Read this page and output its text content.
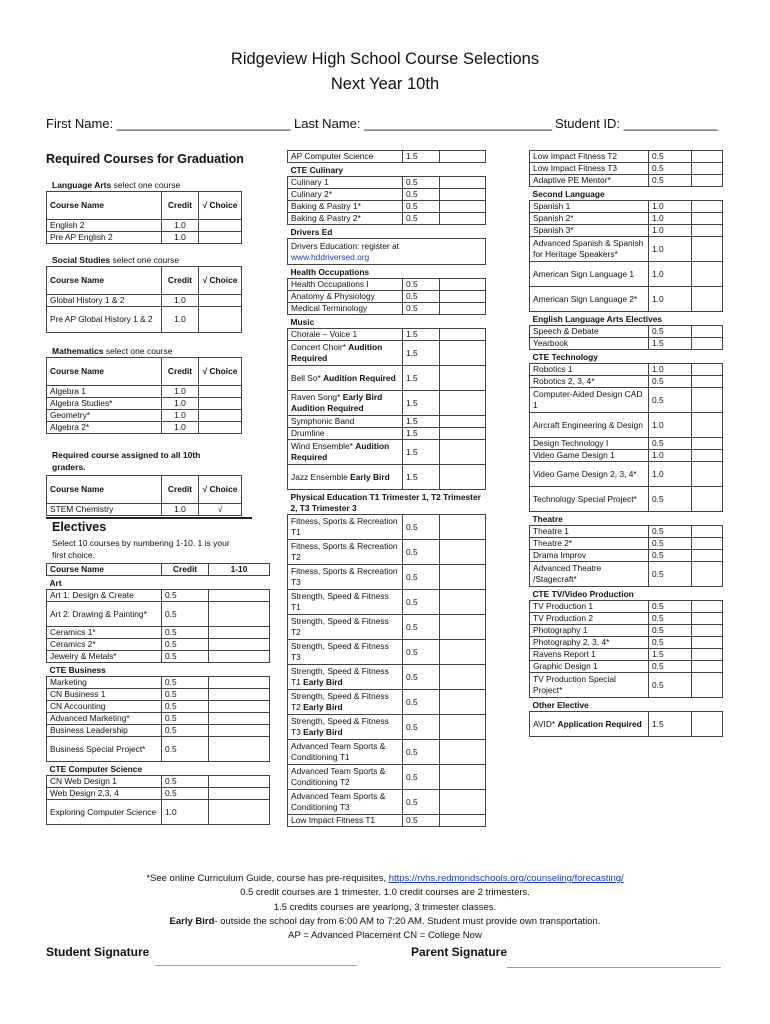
Ridgeview High School Course Selections
Next Year 10th
First Name: ________________________ Last Name: __________________________ Student ID: _____________
Required Courses for Graduation
Language Arts select one course
Course Name	Credit	√ Choice
English 2	1.0	
Pre AP English 2	1.0	
Social Studies select one course
Course Name	Credit	√ Choice
Global History 1 & 2	1.0	
Pre AP Global History 1 & 2	1.0	
Mathematics select one course
Course Name	Credit	√ Choice
Algebra 1	1.0	
Algebra Studies*	1.0	
Geometry*	1.0	
Algebra 2*	1.0	
Required course assigned to all 10th graders.
Course Name	Credit	√ Choice
STEM Chemistry	1.0	√
Electives
Select 10 courses by numbering 1-10. 1 is your first choice.
Course Name	Credit	1-10
Art		
Art 1: Design & Create	0.5	
Art 2: Drawing & Painting*	0.5	
Ceramics 1*	0.5	
Ceramics 2*	0.5	
Jewelry & Metals*	0.5	
CTE Business		
Marketing	0.5	
CN Business 1	0.5	
CN Accounting	0.5	
Advanced Marketing*	0.5	
Business Leadership	0.5	
Business Special Project*	0.5	
CTE Computer Science		
CN Web Design 1	0.5	
Web Design 2,3, 4	0.5	
Exploring Computer Science	1.0	
AP Computer Science	1.5	
CTE Culinary		
Culinary 1	0.5	
Culinary 2*	0.5	
Baking & Pastry 1*	0.5	
Baking & Pastry 2*	0.5	
Drivers Ed		

Drivers Education: register at
www.hddriversed.org		
Health Occupations		
Health Occupations I	0.5	
Anatomy & Physiology	0.5	
Medical Terminology	0.5	
Music		
Chorale – Voice 1	1.5	
Concert Choir* Audition Required	1.5	
Bell So* Audition Required	1.5	
Raven Song* Early Bird Audition Required	1.5	
Symphonic Band	1.5	
Drumline	1.5	
Wind Ensemble* Audition Required	1.5	
Jazz Ensemble Early Bird	1.5	
Physical Education T1 Trimester 1, T2 Trimester 2, T3 Trimester 3		
Fitness, Sports & Recreation T1	0.5	
Fitness, Sports & Recreation T2	0.5	
Fitness, Sports & Recreation T3	0.5	
Strength, Speed & Fitness T1	0.5	
Strength, Speed & Fitness T2	0.5	
Strength, Speed & Fitness T3	0.5	
Strength, Speed & Fitness T1 Early Bird	0.5	
Strength, Speed & Fitness T2 Early Bird	0.5	
Strength, Speed & Fitness T3 Early Bird	0.5	
Advanced Team Sports & Conditioning T1	0.5	
Advanced Team Sports & Conditioning T2	0.5	
Advanced Team Sports & Conditioning T3	0.5	
Low Impact Fitness T1	0.5	
Low Impact Fitness T2	0.5	
Low Impact Fitness T3	0.5	
Adaptive PE Mentor*	0.5	
Second Language		
Spanish 1	1.0	
Spanish 2*	1.0	
Spanish 3*	1.0	
Advanced Spanish & Spanish for Heritage Speakers*	1.0	
American Sign Language 1	1.0	
American Sign Language 2*	1.0	
English Language Arts Electives		
Speech & Debate	0.5	
Yearbook	1.5	
CTE Technology		
Robotics 1	1.0	
Robotics 2, 3, 4*	0.5	
Computer-Aided Design CAD 1	0.5	
Aircraft Engineering & Design	1.0	
Design Technology I	0.5	
Video Game Design 1	1.0	
Video Game Design 2, 3, 4*	1.0	
Technology Special Project*	0.5	
Theatre		
Theatre 1	0.5	
Theatre 2*	0.5	
Drama Improv	0.5	
Advanced Theatre /Stagecraft*	0.5	
CTE TV/Video Production		
TV Production 1	0.5	
TV Production 2	0.5	
Photography 1	0.5	
Photography 2, 3, 4*	0.5	
Ravens Report 1	1.5	
Graphic Design 1	0.5	
TV Production Special Project*	0.5	
Other Elective		
AVID* Application Required	1.5	
*See online Curriculum Guide, course has pre-requisites, https://rvhs.redmondschools.org/counseling/forecasting/
0.5 credit courses are 1 trimester. 1.0 credit courses are 2 trimesters.
1.5 credits courses are yearlong, 3 trimester classes.
Early Bird- outside the school day from 6:00 AM to 7:20 AM. Student must provide own transportation.
AP = Advanced Placement CN = College Now
Student Signature	Parent Signature
